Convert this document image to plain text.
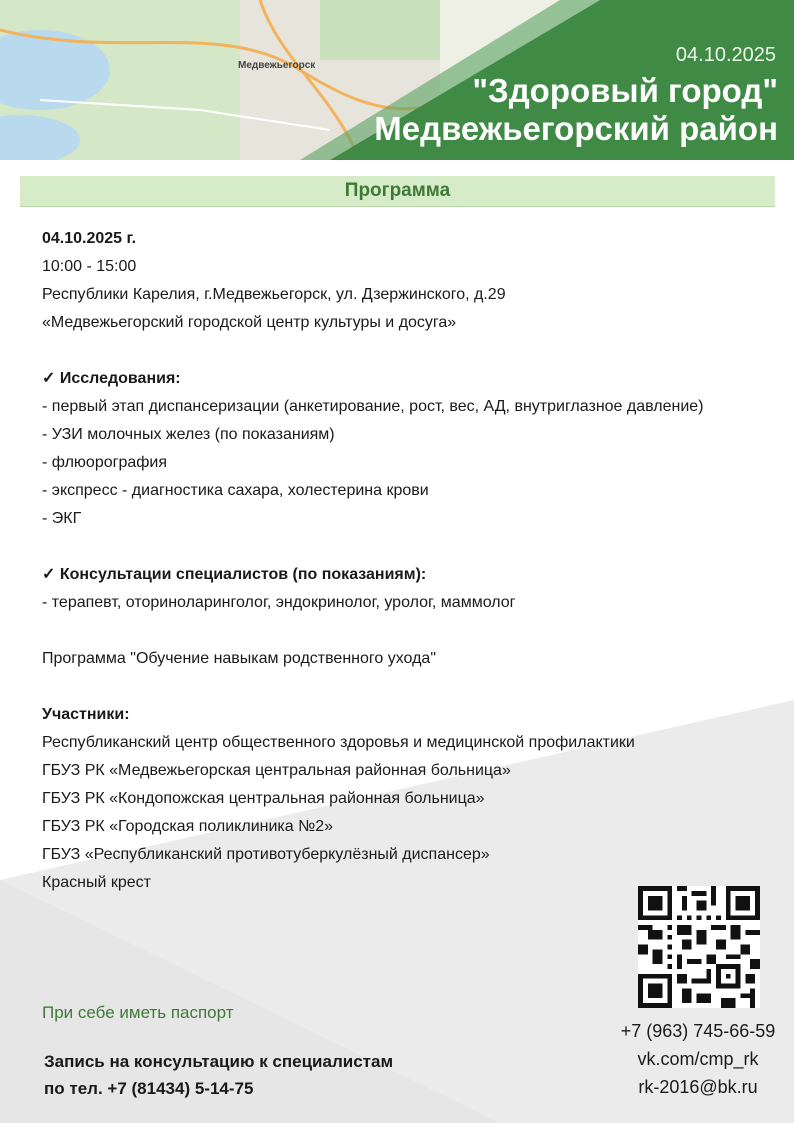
Медвежьегорск	04.10.2025
"Здоровый город"
Медвежьегорский район
Программа

04.10.2025 г.

10:00 - 15:00

Республики Карелия, г.Медвежьегорск, ул. Дзержинского, д.29

«Медвежьегорский городской центр культуры и досуга»

✓ Исследования:

- первый этап диспансеризации (анкетирование, рост, вес, АД, внутриглазное давление)

- УЗИ молочных желез (по показаниям)

- флюорография

- экспресс - диагностика сахара, холестерина крови

- ЭКГ

✓ Консультации специалистов (по показаниям):

- терапевт, оториноларинголог, эндокринолог, уролог, маммолог

Программа "Обучение навыкам родственного ухода"

Участники:

Республиканский центр общественного здоровья и медицинской профилактики

ГБУЗ РК «Медвежьегорская центральная районная больница»

ГБУЗ РК «Кондопожская центральная районная больница»

ГБУЗ РК «Городская поликлиника №2»

ГБУЗ «Республиканский противотуберкулёзный диспансер»

Красный крест

При себе иметь паспорт
Запись на консультацию к специалистам
по тел. +7 (81434) 5-14-75
+7 (963) 745-66-59
vk.com/cmp_rk
rk-2016@bk.ru
